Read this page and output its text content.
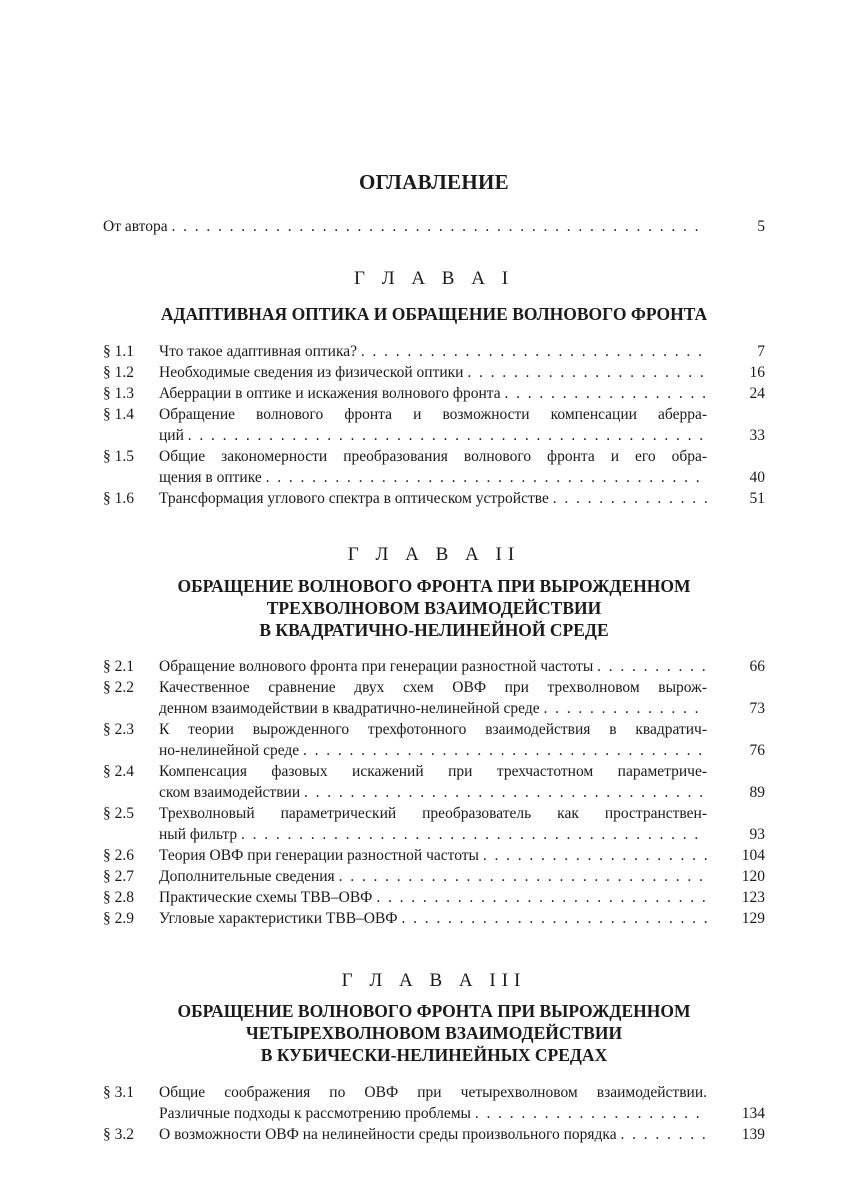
ОГЛАВЛЕНИЕ
От автора . .	5
Г Л А В А I
АДАПТИВНАЯ ОПТИКА И ОБРАЩЕНИЕ ВОЛНОВОГО ФРОНТА
§ 1.1	Что такое адаптивная оптика? . .	7
§ 1.2	Необходимые сведения из физической оптики . .	16
§ 1.3	Аберрации в оптике и искажения волнового фронта . .	24
§ 1.4	Обращение волнового фронта и возможности компенсации аберра-
ций . .	33
§ 1.5	Общие закономерности преобразования волнового фронта и его обра-
щения в оптике . .	40
§ 1.6	Трансформация углового спектра в оптическом устройстве . .	51
Г Л А В А II
ОБРАЩЕНИЕ ВОЛНОВОГО ФРОНТА ПРИ ВЫРОЖДЕННОМ
ТРЕХВОЛНОВОМ ВЗАИМОДЕЙСТВИИ
В КВАДРАТИЧНО-НЕЛИНЕЙНОЙ СРЕДЕ
§ 2.1	Обращение волнового фронта при генерации разностной частоты . .	66
§ 2.2	Качественное сравнение двух схем ОВФ при трехволновом вырож-
денном взаимодействии в квадратично-нелинейной среде . .	73
§ 2.3	К теории вырожденного трехфотонного взаимодействия в квадратич-
но-нелинейной среде . .	76
§ 2.4	Компенсация фазовых искажений при трехчастотном параметриче-
ском взаимодействии . .	89
§ 2.5	Трехволновый параметрический преобразователь как пространствен-
ный фильтр . .	93
§ 2.6	Теория ОВФ при генерации разностной частоты . .	104
§ 2.7	Дополнительные сведения . .	120
§ 2.8	Практические схемы ТВВ–ОВФ . .	123
§ 2.9	Угловые характеристики ТВВ–ОВФ . .	129
Г Л А В А III
ОБРАЩЕНИЕ ВОЛНОВОГО ФРОНТА ПРИ ВЫРОЖДЕННОМ
ЧЕТЫРЕХВОЛНОВОМ ВЗАИМОДЕЙСТВИИ
В КУБИЧЕСКИ-НЕЛИНЕЙНЫХ СРЕДАХ
§ 3.1	Общие соображения по ОВФ при четырехволновом взаимодействии.
Различные подходы к рассмотрению проблемы . .	134
§ 3.2	О возможности ОВФ на нелинейности среды произвольного порядка . .	139
